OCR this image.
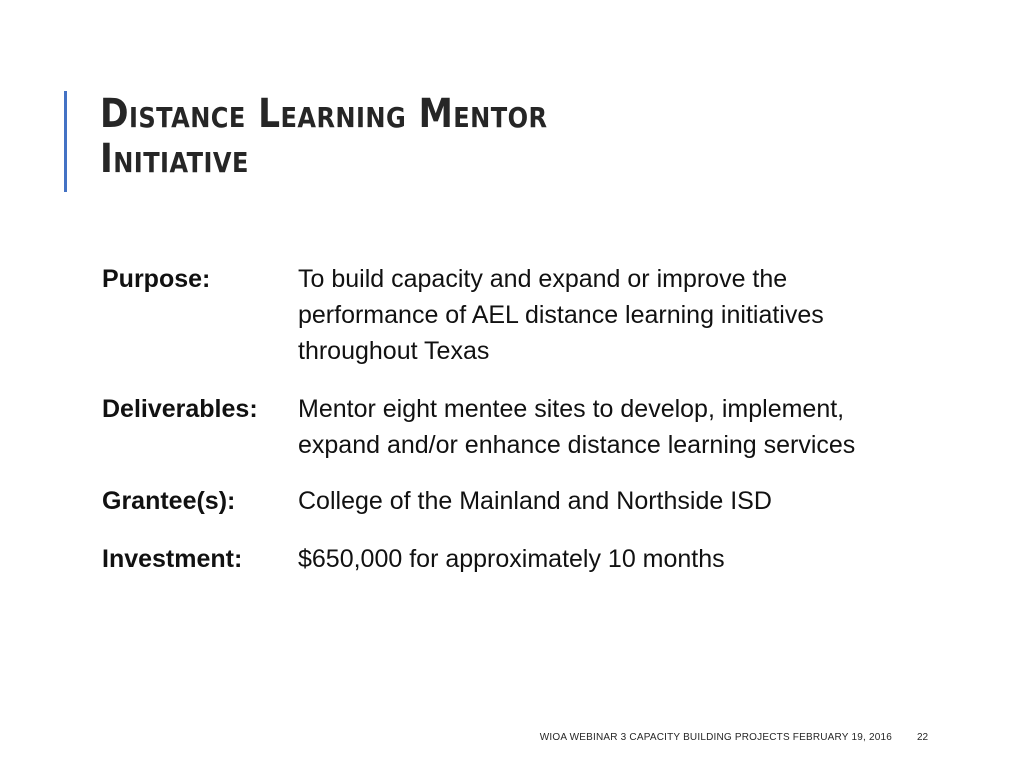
Distance Learning Mentor Initiative
Purpose:	To build capacity and expand or improve the performance of AEL distance learning initiatives throughout Texas
Deliverables:	Mentor eight mentee sites to develop, implement, expand and/or enhance distance learning services
Grantee(s):	College of the Mainland and Northside ISD
Investment:	$650,000 for approximately 10 months
WIOA WEBINAR 3 CAPACITY BUILDING PROJECTS FEBRUARY 19, 2016	22
